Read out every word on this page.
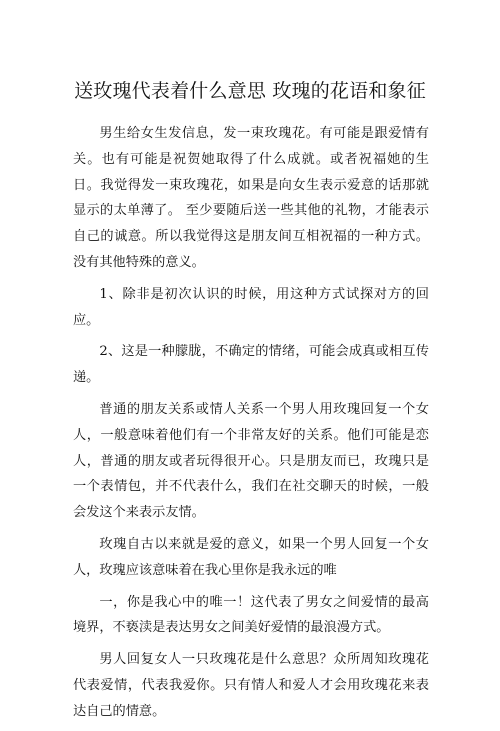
送玫瑰代表着什么意思 玫瑰的花语和象征

男生给女生发信息，发一束玫瑰花。有可能是跟爱情有关。也有可能是祝贺她取得了什么成就。或者祝福她的生日。我觉得发一束玫瑰花，如果是向女生表示爱意的话那就显示的太单薄了。 至少要随后送一些其他的礼物，才能表示自己的诚意。所以我觉得这是朋友间互相祝福的一种方式。没有其他特殊的意义。

1、除非是初次认识的时候，用这种方式试探对方的回应。

2、这是一种朦胧，不确定的情绪，可能会成真或相互传递。

普通的朋友关系或情人关系一个男人用玫瑰回复一个女人，一般意味着他们有一个非常友好的关系。他们可能是恋人，普通的朋友或者玩得很开心。只是朋友而已，玫瑰只是一个表情包，并不代表什么，我们在社交聊天的时候，一般会发这个来表示友情。

玫瑰自古以来就是爱的意义，如果一个男人回复一个女人，玫瑰应该意味着在我心里你是我永远的唯

一，你是我心中的唯一！这代表了男女之间爱情的最高境界，不亵渎是表达男女之间美好爱情的最浪漫方式。

男人回复女人一只玫瑰花是什么意思？众所周知玫瑰花代表爱情，代表我爱你。只有情人和爱人才会用玫瑰花来表达自己的情意。
